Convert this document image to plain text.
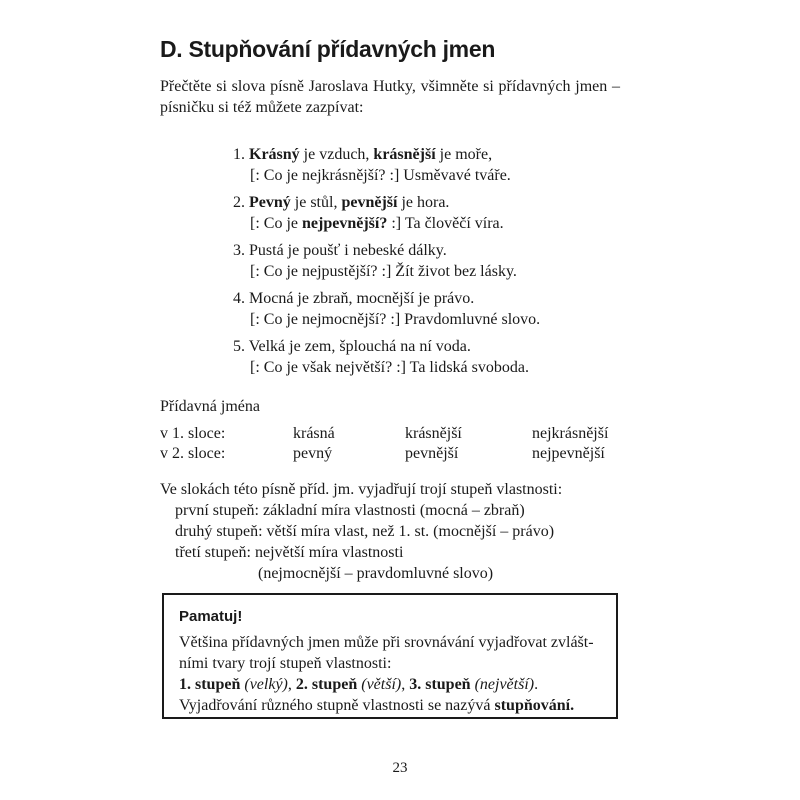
D. Stupňování přídavných jmen

Přečtěte si slova písně Jaroslava Hutky, všimněte si přídavných jmen – písničku si též můžete zazpívat:

1. Krásný je vzduch, krásnější je moře,
[: Co je nejkrásnější? :] Usměvavé tváře.
2. Pevný je stůl, pevnější je hora.
[: Co je nejpevnější? :] Ta člověčí víra.
3. Pustá je poušť i nebeské dálky.
[: Co je nejpustější? :] Žít život bez lásky.
4. Mocná je zbraň, mocnější je právo.
[: Co je nejmocnější? :] Pravdomluvné slovo.
5. Velká je zem, šplouchá na ní voda.
[: Co je však největší? :] Ta lidská svoboda.
Přídavná jména
v 1. sloce:	krásná	krásnější	nejkrásnější
v 2. sloce:	pevný	pevnější	nejpevnější
Ve slokách této písně příd. jm. vyjadřují trojí stupeň vlastnosti:
první stupeň: základní míra vlastnosti (mocná – zbraň)
druhý stupeň: větší míra vlast, než 1. st. (mocnější – právo)
třetí stupeň: největší míra vlastnosti
(nejmocnější – pravdomluvné slovo)
Pamatuj!
Většina přídavných jmen může při srovnávání vyjadřovat zvlášt-
ními tvary trojí stupeň vlastnosti:
1. stupeň (velký), 2. stupeň (větší), 3. stupeň (největší).
Vyjadřování různého stupně vlastnosti se nazývá stupňování.
23
